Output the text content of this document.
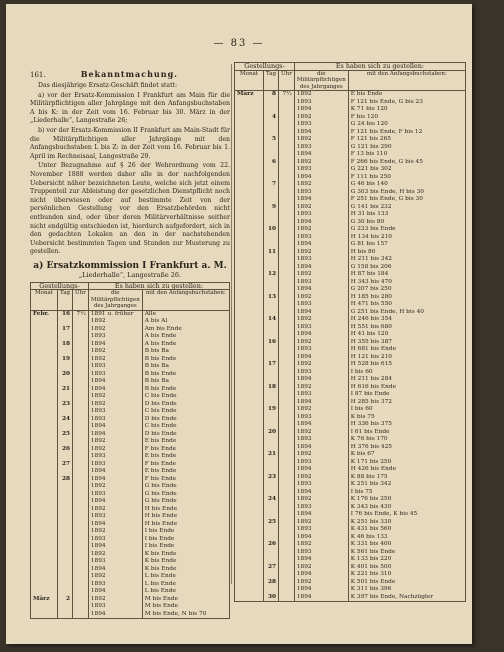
— 83 —
161.	Bekanntmachung.

Das diesjährige Ersatz-Geschäft findet statt:

a) vor der Ersatz-Kommission I Frankfurt am Main für die Militärpflichtigen aller Jahrgänge mit den Anfangsbuchstaben A bis K: in der Zeit vom 16. Februar bis 30. März in der „Liederhalle“, Langestraße 26;

b) vor der Ersatz-Kommission II Frankfurt am Main-Stadt für die Militärpflichtigen aller Jahrgänge mit den Anfangsbuchstaben L bis Z: in der Zeit vom 16. Februar bis 1. April im Rechneisaal, Langestraße 29.

Unter Bezugnahme auf § 26 der Wehrordnung vom 22. November 1888 werden daher alle in der nachfolgenden Uebersicht näher bezeichneten Leute, welche sich jetzt einem Truppenteil zur Ableistung der gesetzlichen Dienstpflicht noch nicht überwiesen oder auf bestimmte Zeit von der persönlichen Gestellung vor den Ersatzbehörden nicht entbunden sind, oder über deren Militärverhältnisse seither nicht endgültig entschieden ist, hierdurch aufgefordert, sich in den gedachten Lokalen an den in der nachstehenden Uebersicht bestimmten Tagen und Stunden zur Musterung zu gestellen.

a) Ersatzkommission I Frankfurt a. M.
„Liederhalle“, Langestraße 26.
Gestellungs-			Es haben sich zu gestellen:	
Monat	Tag	Uhr	die Militärpflichtigen des Jahrganges	mit den Anfangsbuchstaben:
Febr.	16	7½	1891 u. früher	Alle
			1892	A bis Al
	17		1892	Am bis Ende
			1893	A bis Ende
	18		1894	A bis Ende
			1892	B bis Ba
	19		1892	B bis Ende
			1893	B bis Ba
	20		1893	B bis Ende
			1894	B bis Ba
	21		1894	B bis Ende
			1892	C bis Ende
	23		1892	D bis Ende
			1893	C bis Ende
	24		1893	D bis Ende
			1894	C bis Ende
	25		1894	D bis Ende
			1892	E bis Ende
	26		1892	F bis Ende
			1893	E bis Ende
	27		1893	F bis Ende
			1894	E bis Ende
	28		1894	F bis Ende
			1892	G bis Ende
			1893	G bis Ende
			1894	G bis Ende
			1892	H bis Ende
			1893	H bis Ende
			1894	H bis Ende
			1892	I bis Ende
			1893	I bis Ende
			1894	I bis Ende
			1892	K bis Ende
			1893	K bis Ende
			1894	K bis Ende
			1892	L bis Ende
			1893	L bis Ende
			1894	L bis Ende
März	2		1892	M bis Ende
			1893	M bis Ende
			1894	M bis Ende, N bis 70
Gestellungs-			Es haben sich zu gestellen:	
Monat	Tag	Uhr	die Militärpflichtigen des Jahrganges	mit den Anfangsbuchstaben:
März	8	7½	1892	E bis Ende
			1893	F 121 bis Ende, G bis 23
			1894	K 71 bis 120
	4		1892	F bis 120
			1893	G 24 bis 120
			1894	F 121 bis Ende, F bis 12
	5		1892	F 121 bis 265
			1893	G 121 bis 290
			1894	F 13 bis 110
	6		1892	F 266 bis Ende, G bis 45
			1893	G 221 bis 302
			1894	F 111 bis 250
	7		1892	G 46 bis 140
			1893	G 303 bis Ende, H bis 30
			1894	F 251 bis Ende, G bis 30
	9		1892	G 141 bis 232
			1893	H 31 bis 133
			1894	G 30 bis 80
	10		1892	G 233 bis Ende
			1893	H 134 bis 210
			1894	G 81 bis 157
	11		1892	H bis 80
			1893	H 211 bis 342
			1894	G 158 bis 206
	12		1892	H 87 bis 184
			1893	H 343 bis 470
			1894	G 207 bis 250
	13		1892	H 185 bis 280
			1893	H 471 bis 550
			1894	G 251 bis Ende, H bis 40
	14		1892	H 246 bis 354
			1893	H 551 bis 680
			1894	H 41 bis 120
	16		1892	H 355 bis 387
			1893	H 681 bis Ende
			1894	H 121 bis 210
	17		1892	H 528 bis 615
			1893	I bis 60
			1894	H 211 bis 284
	18		1892	H 616 bis Ende
			1893	I 87 bis Ende
			1894	H 285 bis 372
	19		1892	I bis 60
			1893	K bis 75
			1894	H 336 bis 375
	20		1892	I 61 bis Ende
			1893	K 76 bis 170
			1894	H 376 bis 425
	21		1892	K bis 67
			1893	K 171 bis 250
			1894	H 426 bis Ende
	23		1892	K 88 bis 175
			1893	K 251 bis 342
			1894	I bis 75
	24		1892	K 176 bis 250
			1893	K 343 bis 430
			1894	I 76 bis Ende, K bis 45
	25		1892	K 251 bis 330
			1893	K 431 bis 560
			1894	K 46 bis 133
	26		1892	K 331 bis 400
			1893	K 561 bis Ende
			1894	K 133 bis 220
	27		1892	K 401 bis 500
			1894	K 221 bis 310
	28		1892	K 501 bis Ende
			1894	K 311 bis 396
	30		1894	K 397 bis Ende, Nachzügler
